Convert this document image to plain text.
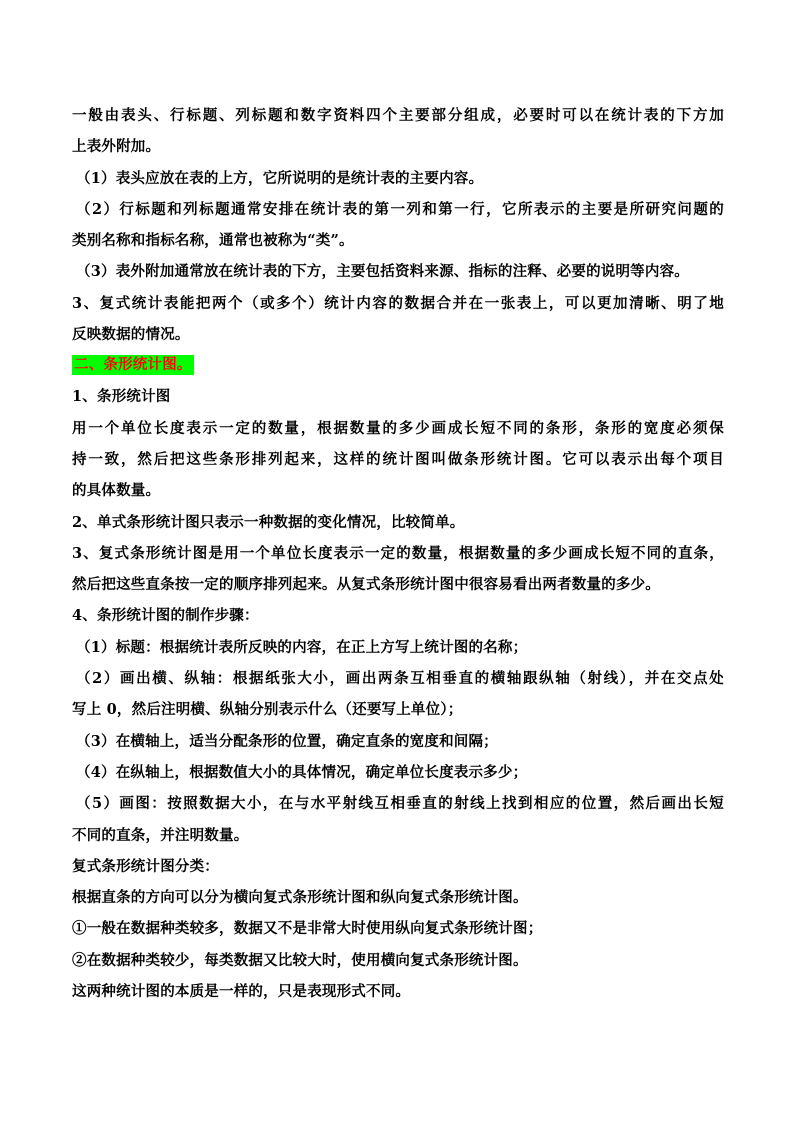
一般由表头、行标题、列标题和数字资料四个主要部分组成，必要时可以在统计表的下方加
上表外附加。
（1）表头应放在表的上方，它所说明的是统计表的主要内容。
（2）行标题和列标题通常安排在统计表的第一列和第一行，它所表示的主要是所研究问题的
类别名称和指标名称，通常也被称为“类”。
（3）表外附加通常放在统计表的下方，主要包括资料来源、指标的注释、必要的说明等内容。
3、复式统计表能把两个（或多个）统计内容的数据合并在一张表上，可以更加清晰、明了地
反映数据的情况。
二、条形统计图。
1、条形统计图
用一个单位长度表示一定的数量，根据数量的多少画成长短不同的条形，条形的宽度必须保
持一致，然后把这些条形排列起来，这样的统计图叫做条形统计图。它可以表示出每个项目
的具体数量。
2、单式条形统计图只表示一种数据的变化情况，比较简单。
3、复式条形统计图是用一个单位长度表示一定的数量，根据数量的多少画成长短不同的直条，
然后把这些直条按一定的顺序排列起来。从复式条形统计图中很容易看出两者数量的多少。
4、条形统计图的制作步骤：
（1）标题：根据统计表所反映的内容，在正上方写上统计图的名称；
（2）画出横、纵轴：根据纸张大小，画出两条互相垂直的横轴跟纵轴（射线），并在交点处
写上 0，然后注明横、纵轴分别表示什么（还要写上单位）；
（3）在横轴上，适当分配条形的位置，确定直条的宽度和间隔；
（4）在纵轴上，根据数值大小的具体情况，确定单位长度表示多少；
（5）画图：按照数据大小，在与水平射线互相垂直的射线上找到相应的位置，然后画出长短
不同的直条，并注明数量。
复式条形统计图分类：
根据直条的方向可以分为横向复式条形统计图和纵向复式条形统计图。
①一般在数据种类较多，数据又不是非常大时使用纵向复式条形统计图；
②在数据种类较少，每类数据又比较大时，使用横向复式条形统计图。
这两种统计图的本质是一样的，只是表现形式不同。
